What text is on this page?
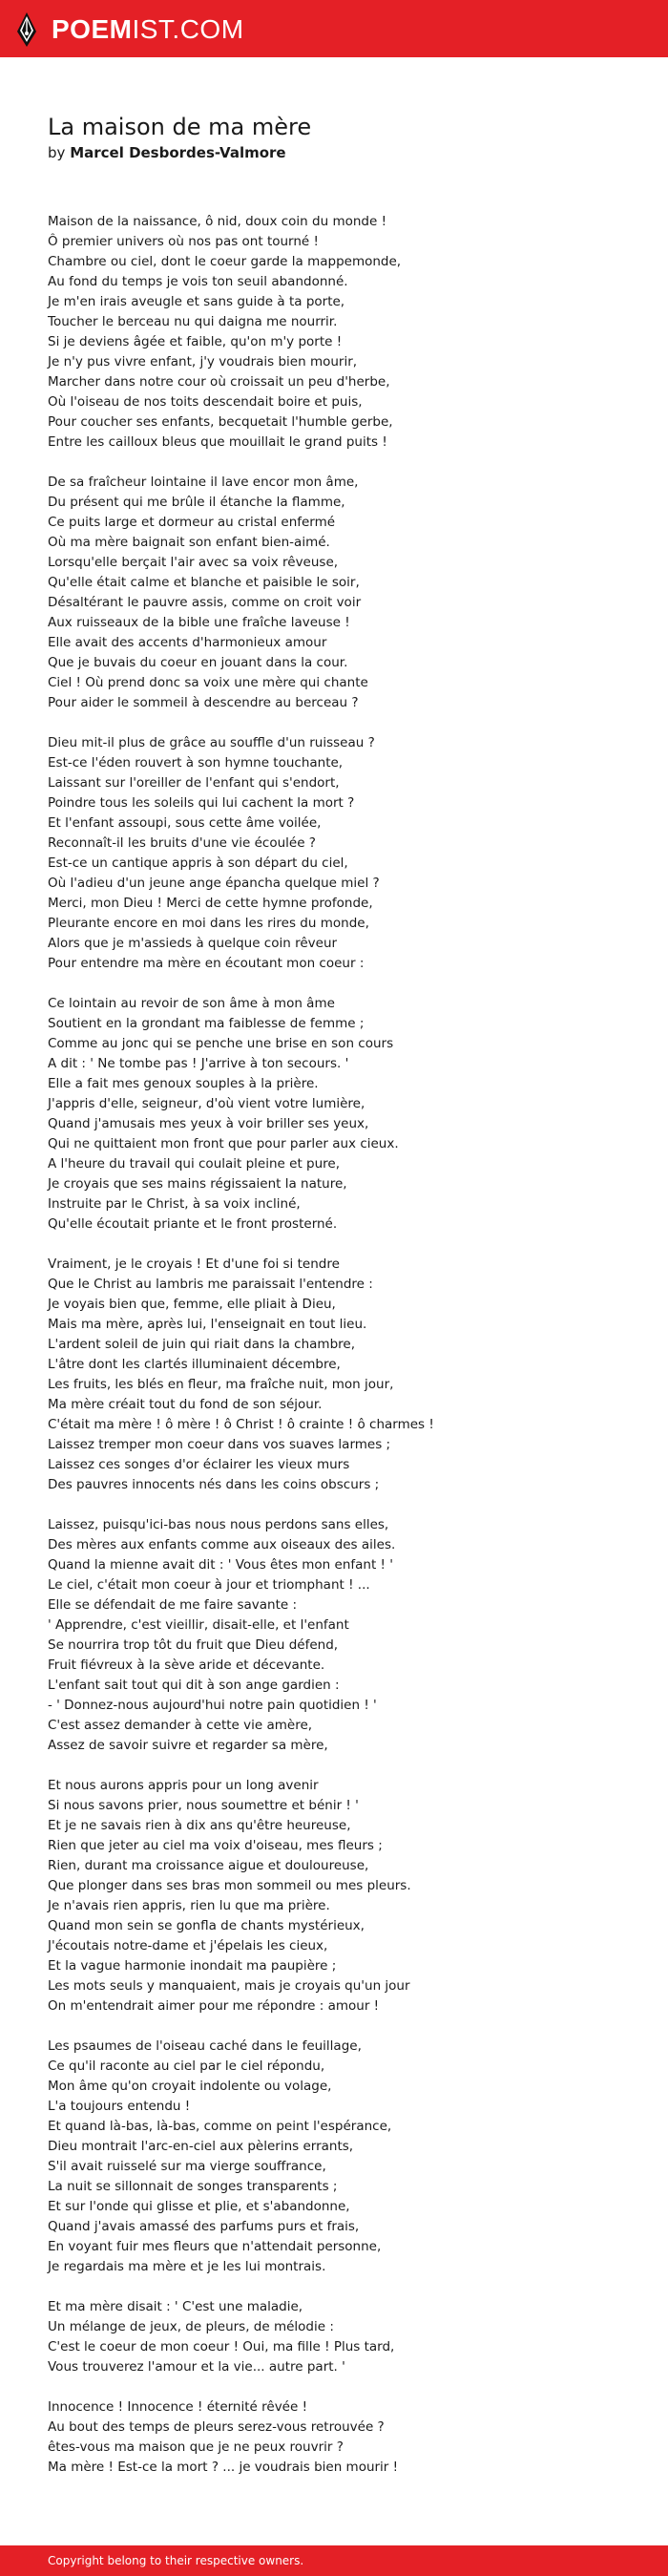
POEMIST.COM
La maison de ma mère
by Marcel Desbordes-Valmore
Maison de la naissance, ô nid, doux coin du monde !
Ô premier univers où nos pas ont tourné !
Chambre ou ciel, dont le coeur garde la mappemonde,
Au fond du temps je vois ton seuil abandonné.
Je m'en irais aveugle et sans guide à ta porte,
Toucher le berceau nu qui daigna me nourrir.
Si je deviens âgée et faible, qu'on m'y porte !
Je n'y pus vivre enfant, j'y voudrais bien mourir,
Marcher dans notre cour où croissait un peu d'herbe,
Où l'oiseau de nos toits descendait boire et puis,
Pour coucher ses enfants, becquetait l'humble gerbe,
Entre les cailloux bleus que mouillait le grand puits !
De sa fraîcheur lointaine il lave encor mon âme,
Du présent qui me brûle il étanche la flamme,
Ce puits large et dormeur au cristal enfermé
Où ma mère baignait son enfant bien-aimé.
Lorsqu'elle berçait l'air avec sa voix rêveuse,
Qu'elle était calme et blanche et paisible le soir,
Désaltérant le pauvre assis, comme on croit voir
Aux ruisseaux de la bible une fraîche laveuse !
Elle avait des accents d'harmonieux amour
Que je buvais du coeur en jouant dans la cour.
Ciel ! Où prend donc sa voix une mère qui chante
Pour aider le sommeil à descendre au berceau ?
Dieu mit-il plus de grâce au souffle d'un ruisseau ?
Est-ce l'éden rouvert à son hymne touchante,
Laissant sur l'oreiller de l'enfant qui s'endort,
Poindre tous les soleils qui lui cachent la mort ?
Et l'enfant assoupi, sous cette âme voilée,
Reconnaît-il les bruits d'une vie écoulée ?
Est-ce un cantique appris à son départ du ciel,
Où l'adieu d'un jeune ange épancha quelque miel ?
Merci, mon Dieu ! Merci de cette hymne profonde,
Pleurante encore en moi dans les rires du monde,
Alors que je m'assieds à quelque coin rêveur
Pour entendre ma mère en écoutant mon coeur :
Ce lointain au revoir de son âme à mon âme
Soutient en la grondant ma faiblesse de femme ;
Comme au jonc qui se penche une brise en son cours
A dit : ' Ne tombe pas ! J'arrive à ton secours. '
Elle a fait mes genoux souples à la prière.
J'appris d'elle, seigneur, d'où vient votre lumière,
Quand j'amusais mes yeux à voir briller ses yeux,
Qui ne quittaient mon front que pour parler aux cieux.
A l'heure du travail qui coulait pleine et pure,
Je croyais que ses mains régissaient la nature,
Instruite par le Christ, à sa voix incliné,
Qu'elle écoutait priante et le front prosterné.
Vraiment, je le croyais ! Et d'une foi si tendre
Que le Christ au lambris me paraissait l'entendre :
Je voyais bien que, femme, elle pliait à Dieu,
Mais ma mère, après lui, l'enseignait en tout lieu.
L'ardent soleil de juin qui riait dans la chambre,
L'âtre dont les clartés illuminaient décembre,
Les fruits, les blés en fleur, ma fraîche nuit, mon jour,
Ma mère créait tout du fond de son séjour.
C'était ma mère ! ô mère ! ô Christ ! ô crainte ! ô charmes !
Laissez tremper mon coeur dans vos suaves larmes ;
Laissez ces songes d'or éclairer les vieux murs
Des pauvres innocents nés dans les coins obscurs ;
Laissez, puisqu'ici-bas nous nous perdons sans elles,
Des mères aux enfants comme aux oiseaux des ailes.
Quand la mienne avait dit : ' Vous êtes mon enfant ! '
Le ciel, c'était mon coeur à jour et triomphant ! ...
Elle se défendait de me faire savante :
' Apprendre, c'est vieillir, disait-elle, et l'enfant
Se nourrira trop tôt du fruit que Dieu défend,
Fruit fiévreux à la sève aride et décevante.
L'enfant sait tout qui dit à son ange gardien :
- ' Donnez-nous aujourd'hui notre pain quotidien ! '
C'est assez demander à cette vie amère,
Assez de savoir suivre et regarder sa mère,
Et nous aurons appris pour un long avenir
Si nous savons prier, nous soumettre et bénir ! '
Et je ne savais rien à dix ans qu'être heureuse,
Rien que jeter au ciel ma voix d'oiseau, mes fleurs ;
Rien, durant ma croissance aigue et douloureuse,
Que plonger dans ses bras mon sommeil ou mes pleurs.
Je n'avais rien appris, rien lu que ma prière.
Quand mon sein se gonfla de chants mystérieux,
J'écoutais notre-dame et j'épelais les cieux,
Et la vague harmonie inondait ma paupière ;
Les mots seuls y manquaient, mais je croyais qu'un jour
On m'entendrait aimer pour me répondre : amour !
Les psaumes de l'oiseau caché dans le feuillage,
Ce qu'il raconte au ciel par le ciel répondu,
Mon âme qu'on croyait indolente ou volage,
L'a toujours entendu !
Et quand là-bas, là-bas, comme on peint l'espérance,
Dieu montrait l'arc-en-ciel aux pèlerins errants,
S'il avait ruisselé sur ma vierge souffrance,
La nuit se sillonnait de songes transparents ;
Et sur l'onde qui glisse et plie, et s'abandonne,
Quand j'avais amassé des parfums purs et frais,
En voyant fuir mes fleurs que n'attendait personne,
Je regardais ma mère et je les lui montrais.
Et ma mère disait : ' C'est une maladie,
Un mélange de jeux, de pleurs, de mélodie :
C'est le coeur de mon coeur ! Oui, ma fille ! Plus tard,
Vous trouverez l'amour et la vie... autre part. '
Innocence ! Innocence ! éternité rêvée !
Au bout des temps de pleurs serez-vous retrouvée ?
êtes-vous ma maison que je ne peux rouvrir ?
Ma mère ! Est-ce la mort ? ... je voudrais bien mourir !
Copyright belong to their respective owners.
